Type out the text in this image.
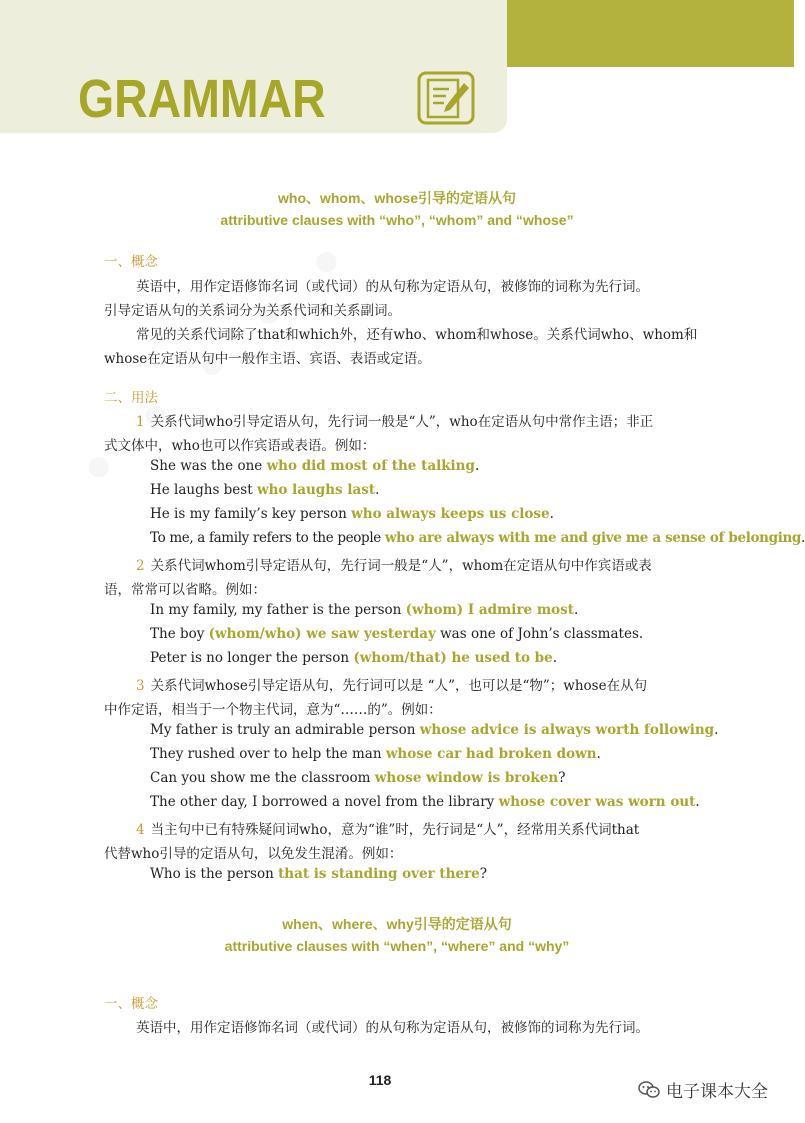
GRAMMAR
who、whom、whose引导的定语从句
attributive clauses with “who”, “whom” and “whose”
一、概念
英语中，用作定语修饰名词（或代词）的从句称为定语从句，被修饰的词称为先行词。
引导定语从句的关系词分为关系代词和关系副词。
常见的关系代词除了that和which外，还有who、whom和whose。关系代词who、whom和
whose在定语从句中一般作主语、宾语、表语或定语。
二、用法
1 关系代词who引导定语从句，先行词一般是“人”，who在定语从句中常作主语；非正
式文体中，who也可以作宾语或表语。例如：
She was the one who did most of the talking.
He laughs best who laughs last.
He is my family’s key person who always keeps us close.
To me, a family refers to the people who are always with me and give me a sense of belonging.
2 关系代词whom引导定语从句，先行词一般是“人”，whom在定语从句中作宾语或表
语，常常可以省略。例如：
In my family, my father is the person (whom) I admire most.
The boy (whom/who) we saw yesterday was one of John’s classmates.
Peter is no longer the person (whom/that) he used to be.
3 关系代词whose引导定语从句，先行词可以是 “人”，也可以是“物”；whose在从句
中作定语，相当于一个物主代词，意为“……的”。例如：
My father is truly an admirable person whose advice is always worth following.
They rushed over to help the man whose car had broken down.
Can you show me the classroom whose window is broken?
The other day, I borrowed a novel from the library whose cover was worn out.
4 当主句中已有特殊疑问词who，意为“谁”时，先行词是“人”，经常用关系代词that
代替who引导的定语从句，以免发生混淆。例如：
Who is the person that is standing over there?
when、where、why引导的定语从句
attributive clauses with “when”, “where” and “why”
一、概念
英语中，用作定语修饰名词（或代词）的从句称为定语从句，被修饰的词称为先行词。
118
电子课本大全
